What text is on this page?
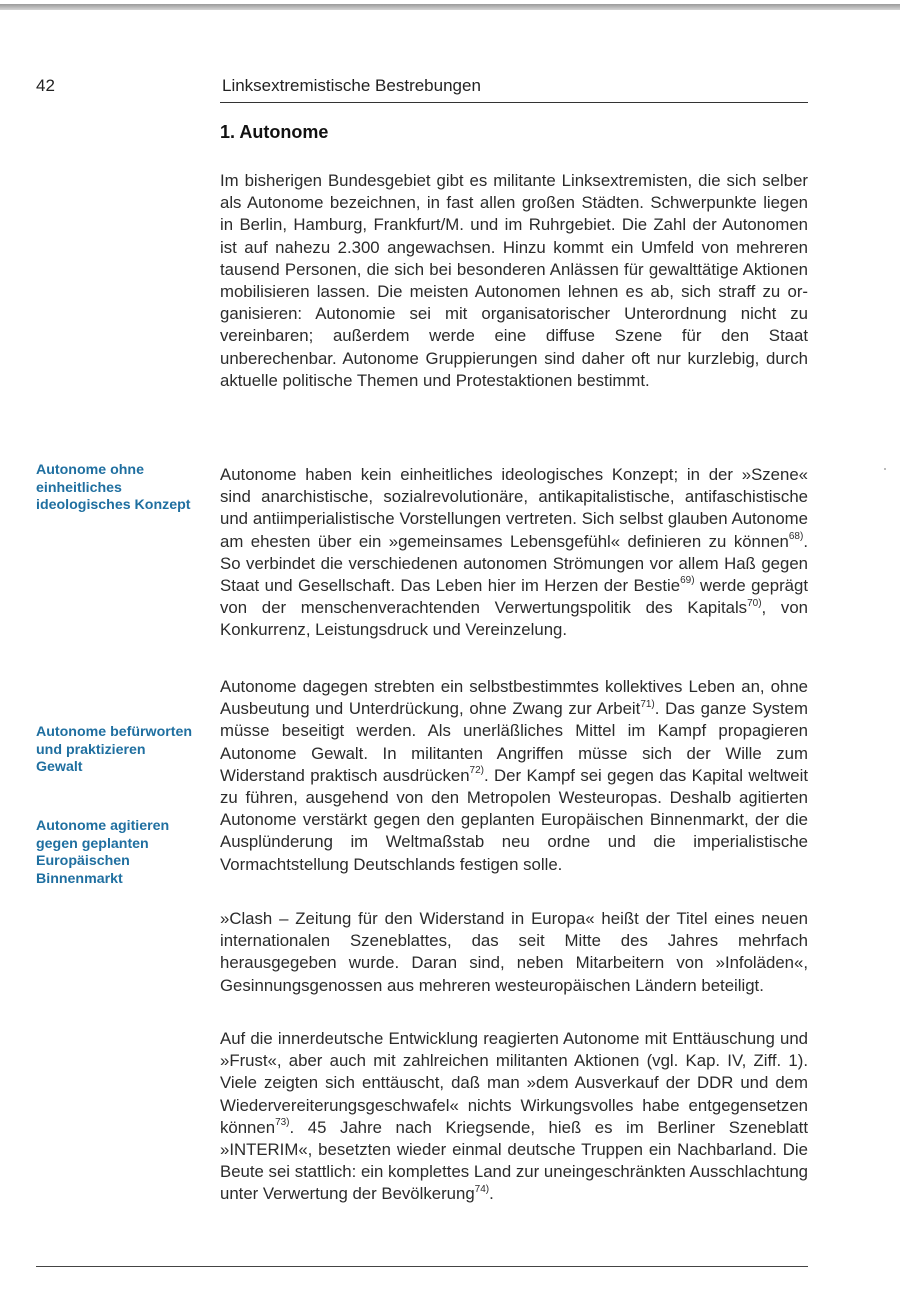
42	Linksextremistische Bestrebungen
1. Autonome

Im bisherigen Bundesgebiet gibt es militante Linksextremisten, die sich selber als Autonome bezeichnen, in fast allen großen Städten. Schwerpunkte liegen in Berlin, Hamburg, Frankfurt/M. und im Ruhrgebiet. Die Zahl der Autonomen ist auf nahezu 2.300 angewachsen. Hinzu kommt ein Umfeld von mehreren tausend Personen, die sich bei besonderen Anlässen für gewalttätige Aktionen mobilisieren lassen. Die meisten Autonomen lehnen es ab, sich straff zu organisieren: Autonomie sei mit organisatorischer Unterordnung nicht zu vereinbaren; außerdem werde eine diffuse Szene für den Staat unberechenbar. Autonome Gruppierungen sind daher oft nur kurzlebig, durch aktuelle politische Themen und Protestaktionen bestimmt.

Autonome ohne einheitliches ideologisches Konzept

Autonome haben kein einheitliches ideologisches Konzept; in der »Szene« sind anarchistische, sozialrevolutionäre, antikapitalistische, antifaschistische und antiimperialistische Vorstellungen vertreten. Sich selbst glauben Autonome am ehesten über ein »gemeinsames Lebensgefühl« definieren zu können$^{68)}$. So verbindet die verschiedenen autonomen Strömungen vor allem Haß gegen Staat und Gesellschaft. Das Leben hier im Herzen der Bestie$^{69)}$ werde geprägt von der menschenverachtenden Verwertungspolitik des Kapitals$^{70)}$, von Konkurrenz, Leistungsdruck und Vereinzelung.

Autonome dagegen strebten ein selbstbestimmtes kollektives Leben an, ohne Ausbeutung und Unterdrückung, ohne Zwang zur Arbeit$^{71)}$. Das ganze System müsse beseitigt werden. Als unerläßliches Mittel im Kampf propagieren Autonome Gewalt. In militanten Angriffen müsse sich der Wille zum Widerstand praktisch ausdrücken$^{72)}$. Der Kampf sei gegen das Kapital weltweit zu führen, ausgehend von den Metropolen Westeuropas. Deshalb agitierten Autonome verstärkt gegen den geplanten Europäischen Binnenmarkt, der die Ausplünderung im Weltmaßstab neu ordne und die imperialistische Vormachtstellung Deutschlands festigen solle.

Autonome befürworten und praktizieren Gewalt

Autonome agitieren gegen geplanten Europäischen Binnenmarkt

»Clash – Zeitung für den Widerstand in Europa« heißt der Titel eines neuen internationalen Szeneblattes, das seit Mitte des Jahres mehrfach herausgegeben wurde. Daran sind, neben Mitarbeitern von »Infoläden«, Gesinnungsgenossen aus mehreren westeuropäischen Ländern beteiligt.

Auf die innerdeutsche Entwicklung reagierten Autonome mit Enttäuschung und »Frust«, aber auch mit zahlreichen militanten Aktionen (vgl. Kap. IV, Ziff. 1). Viele zeigten sich enttäuscht, daß man »dem Ausverkauf der DDR und dem Wiedervereiterungsgeschwafel« nichts Wirkungsvolles habe entgegensetzen können$^{73)}$. 45 Jahre nach Kriegsende, hieß es im Berliner Szeneblatt »INTERIM«, besetzten wieder einmal deutsche Truppen ein Nachbarland. Die Beute sei stattlich: ein komplettes Land zur uneingeschränkten Ausschlachtung unter Verwertung der Bevölkerung$^{74)}$.
